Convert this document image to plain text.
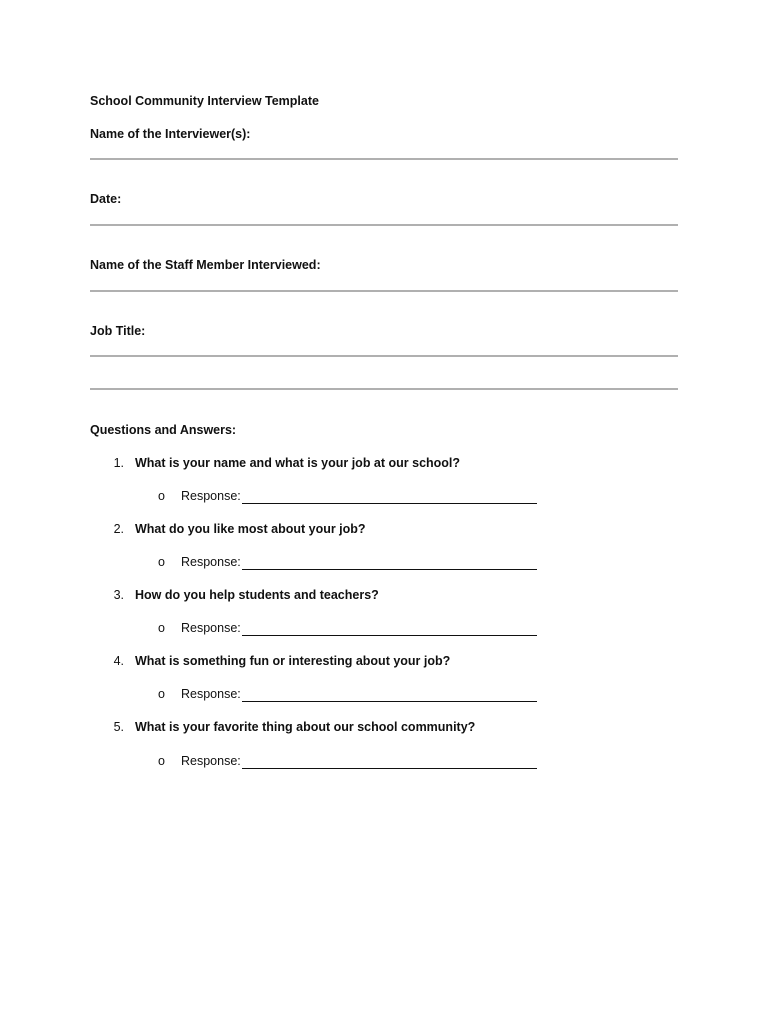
School Community Interview Template
Name of the Interviewer(s):
Date:
Name of the Staff Member Interviewed:
Job Title:
Questions and Answers:
1. What is your name and what is your job at our school?
o Response:
2. What do you like most about your job?
o Response:
3. How do you help students and teachers?
o Response:
4. What is something fun or interesting about your job?
o Response:
5. What is your favorite thing about our school community?
o Response:
